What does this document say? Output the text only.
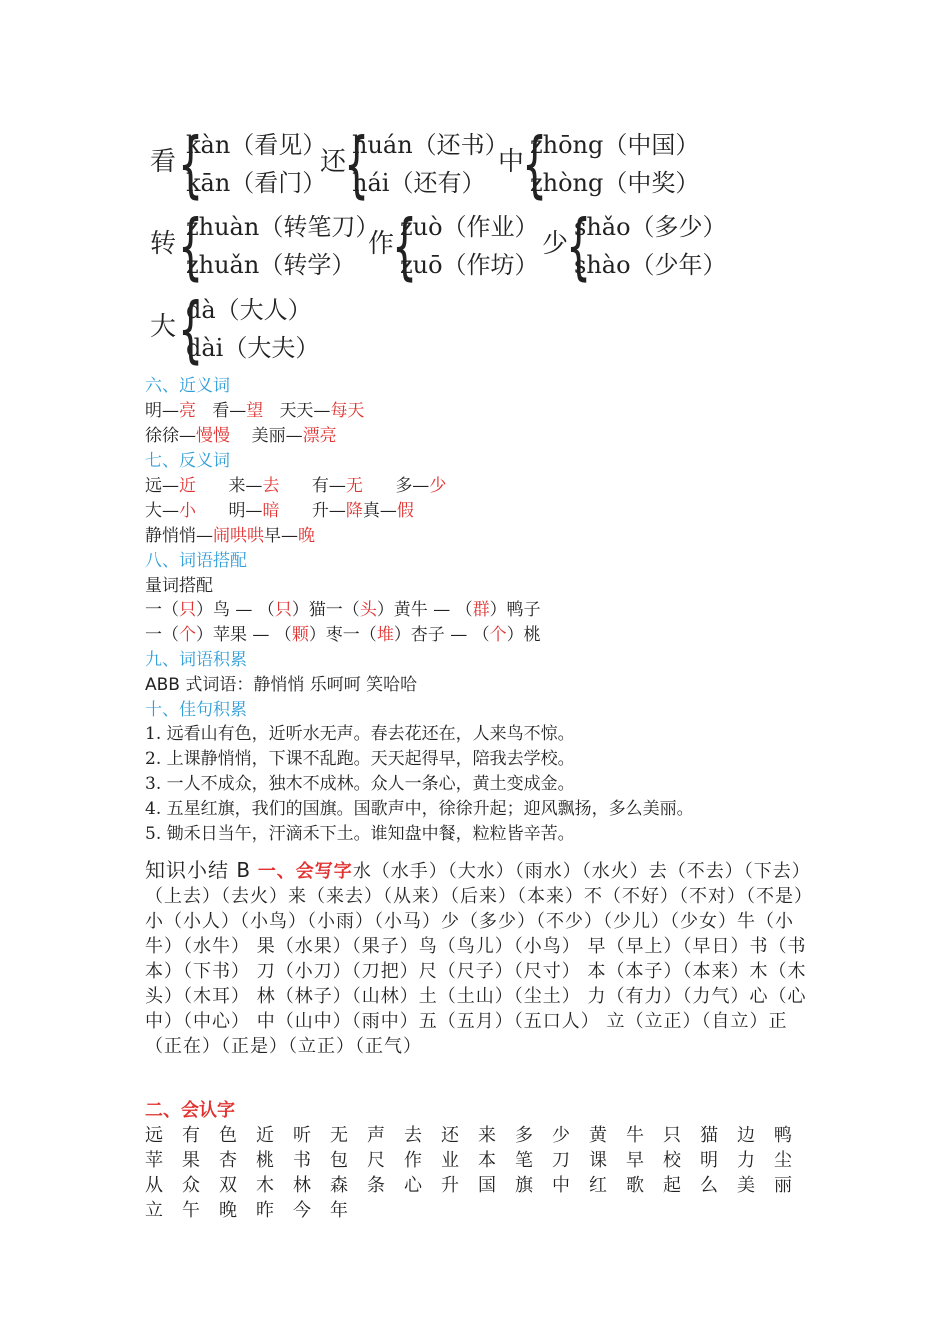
看 {
kàn（看见）
kān（看门）
还
{
huán（还书）
hái（还有）
中
{
zhōng（中国）
zhòng（中奖）
转 {
zhuàn（转笔刀）
zhuǎn（转学）
作
{
zuò（作业）
zuō（作坊）
少
{
shǎo（多少）
shào（少年）
大 {
dà（大人）
dài（大夫）
六、近义词
明—亮 看—望 天天—每天
徐徐—慢慢 美丽—漂亮
七、反义词
远—近 来—去 有—无 多—少
大—小 明—暗 升—降真—假
静悄悄—闹哄哄早—晚
八、词语搭配
量词搭配
一（只）鸟 — （只）猫一（头）黄牛 — （群）鸭子
一（个）苹果 — （颗）枣一（堆）杏子 — （个）桃
九、词语积累
ABB 式词语：静悄悄 乐呵呵 笑哈哈
十、佳句积累
1. 远看山有色，近听水无声。春去花还在，人来鸟不惊。
2. 上课静悄悄，下课不乱跑。天天起得早，陪我去学校。
3. 一人不成众，独木不成林。众人一条心，黄土变成金。
4. 五星红旗，我们的国旗。国歌声中，徐徐升起；迎风飘扬，多么美丽。
5. 锄禾日当午，汗滴禾下土。谁知盘中餐，粒粒皆辛苦。
知识小结 B 一、会写字水（水手）（大水）（雨水）（水火）去（不去）（下去）（上去）（去火）来（来去）（从来）（后来）（本来）不（不好）（不对）（不是）小（小人）（小鸟）（小雨）（小马）少（多少）（不少）（少儿）（少女）牛（小牛）（水牛） 果（水果）（果子）鸟（鸟儿）（小鸟） 早（早上）（早日）书（书本）（下书） 刀（小刀）（刀把）尺（尺子）（尺寸） 本（本子）（本来）木（木头）（木耳） 林（林子）（山林）土（土山）（尘土） 力（有力）（力气）心（心中）（中心） 中（山中）（雨中）五（五月）（五口人） 立（立正）（自立）正（正在）（正是）（立正）（正气）
二、会认字
远 有 色 近 听 无 声 去 还 来 多 少 黄 牛 只 猫 边 鸭
苹 果 杏 桃 书 包 尺 作 业 本 笔 刀 课 早 校 明 力 尘
从 众 双 木 林 森 条 心 升 国 旗 中 红 歌 起 么 美 丽
立 午 晚 昨 今 年
